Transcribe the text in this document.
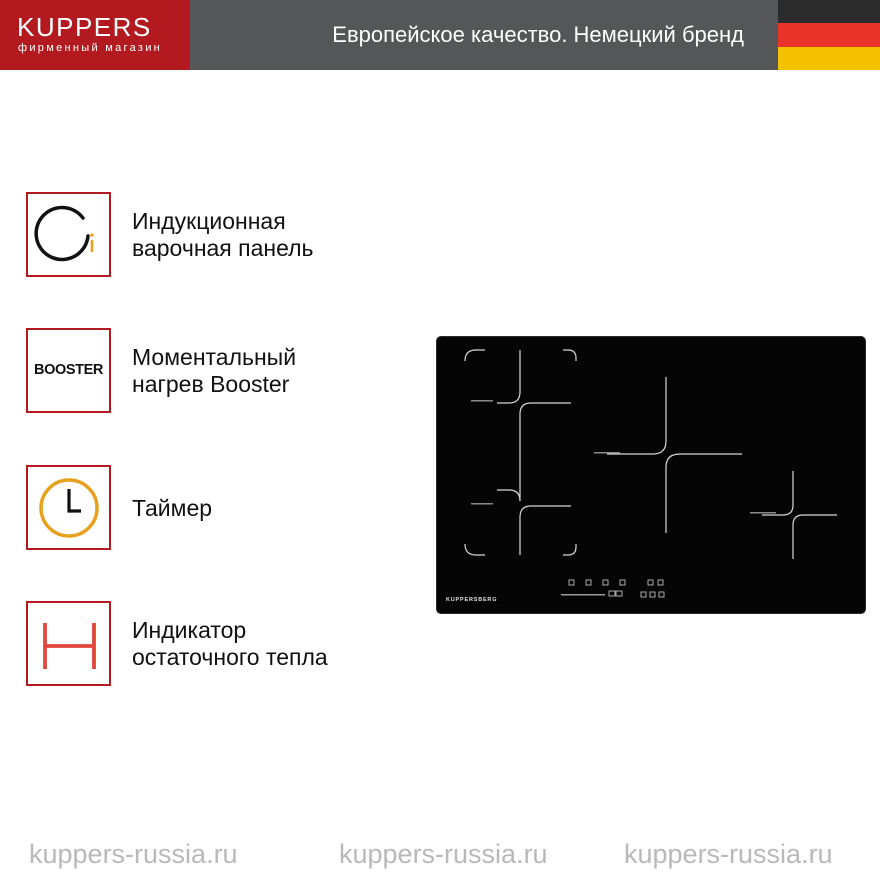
KUPPERS
фирменный магазин
Европейское качество. Немецкий бренд
Индукционная
варочная панель
BOOSTER Моментальный
нагрев Booster
Таймер
Индикатор
остаточного тепла
KUPPERSBERG
kuppers-russia.ru	kuppers-russia.ru	kuppers-russia.ru
